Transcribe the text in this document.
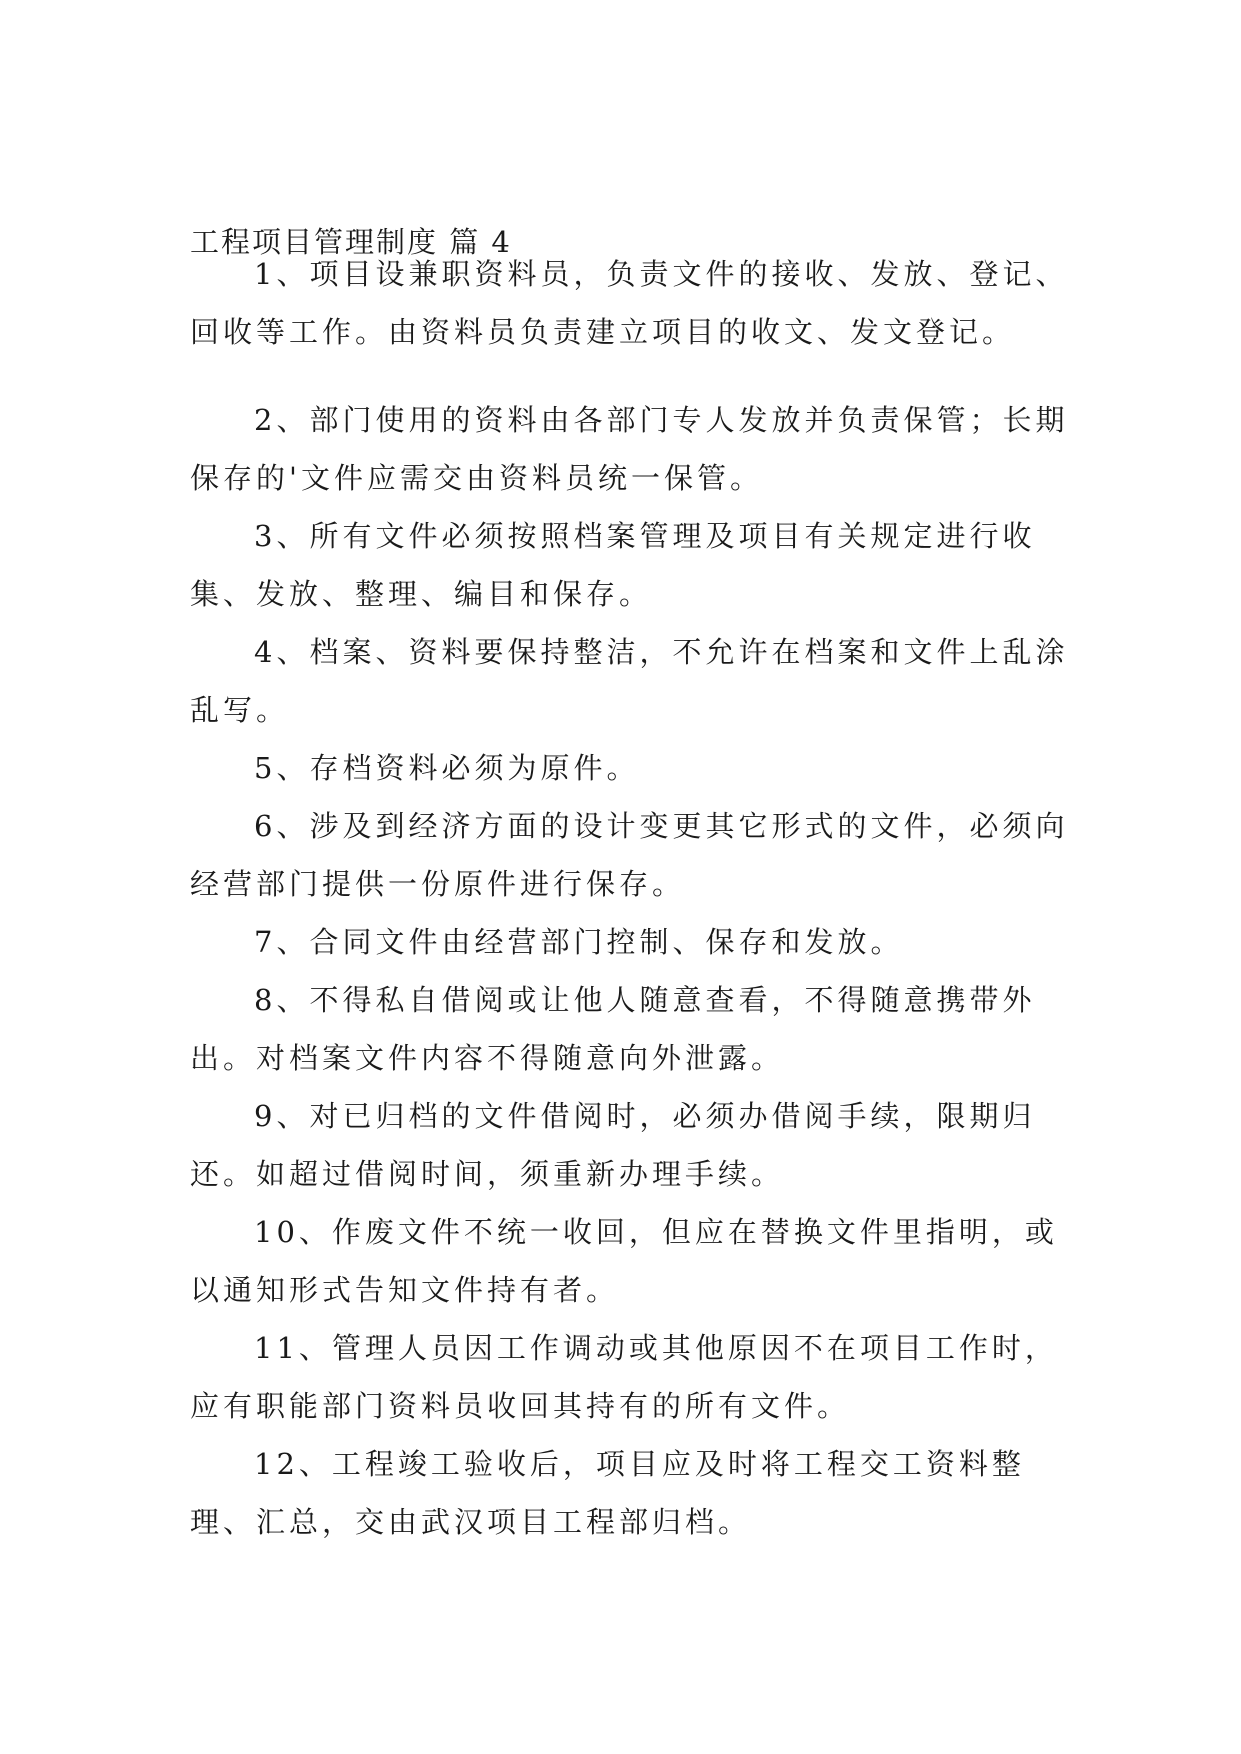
工程项目管理制度 篇 4

1、项目设兼职资料员，负责文件的接收、发放、登记、回收等工作。由资料员负责建立项目的收文、发文登记。

2、部门使用的资料由各部门专人发放并负责保管；长期保存的'文件应需交由资料员统一保管。

3、所有文件必须按照档案管理及项目有关规定进行收集、发放、整理、编目和保存。

4、档案、资料要保持整洁，不允许在档案和文件上乱涂乱写。

5、存档资料必须为原件。

6、涉及到经济方面的设计变更其它形式的文件，必须向经营部门提供一份原件进行保存。

7、合同文件由经营部门控制、保存和发放。

8、不得私自借阅或让他人随意查看，不得随意携带外出。对档案文件内容不得随意向外泄露。

9、对已归档的文件借阅时，必须办借阅手续，限期归还。如超过借阅时间，须重新办理手续。

10、作废文件不统一收回，但应在替换文件里指明，或以通知形式告知文件持有者。

11、管理人员因工作调动或其他原因不在项目工作时，应有职能部门资料员收回其持有的所有文件。

12、工程竣工验收后，项目应及时将工程交工资料整理、汇总，交由武汉项目工程部归档。
